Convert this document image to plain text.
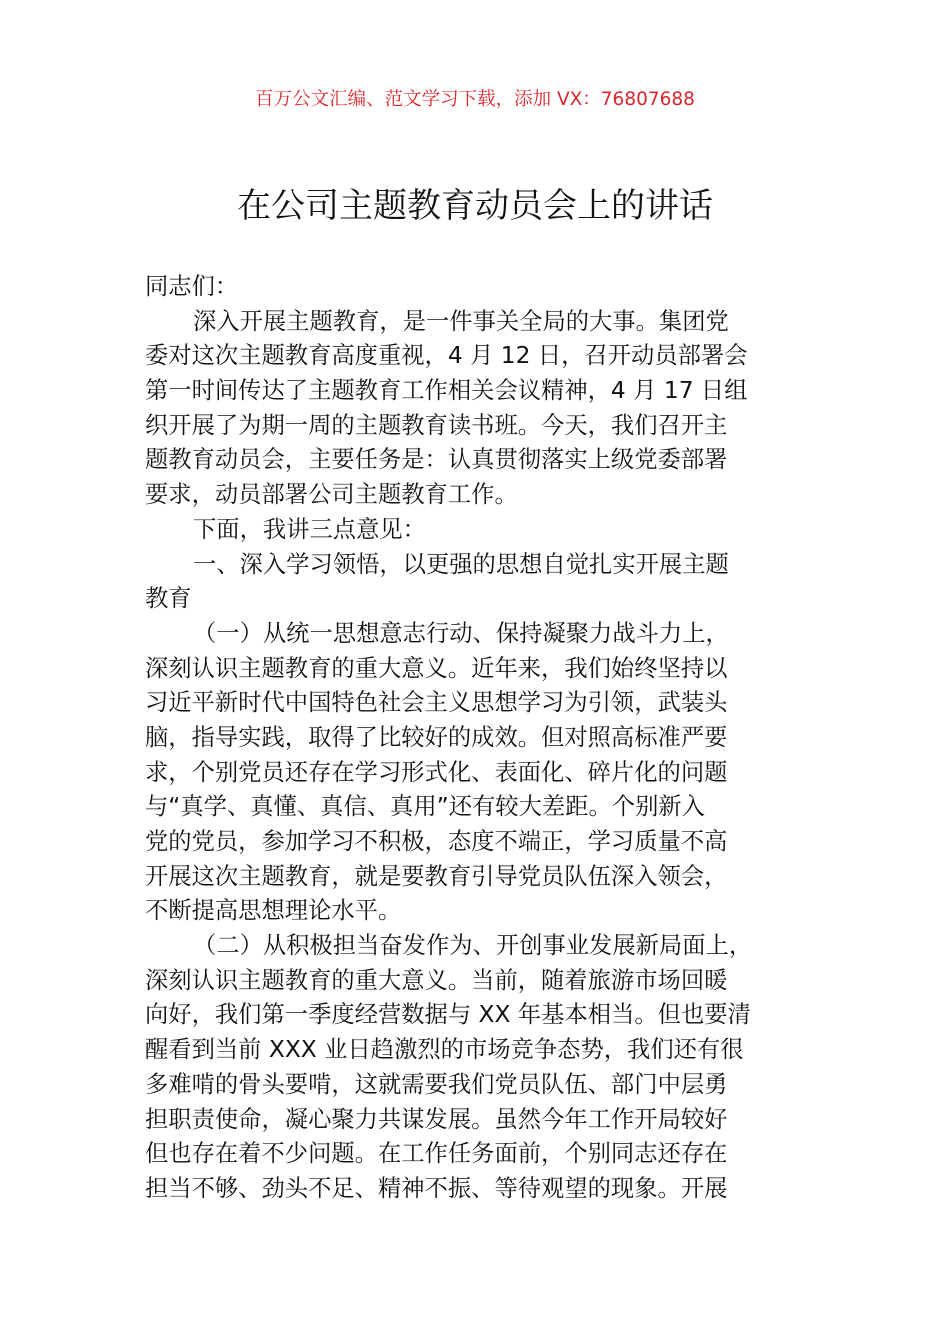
百万公文汇编、范文学习下载，添加 VX：76807688
在公司主题教育动员会上的讲话
同志们：
深入开展主题教育，是一件事关全局的大事。集团党
委对这次主题教育高度重视，4 月 12 日，召开动员部署会
第一时间传达了主题教育工作相关会议精神，4 月 17 日组
织开展了为期一周的主题教育读书班。今天，我们召开主
题教育动员会，主要任务是：认真贯彻落实上级党委部署
要求，动员部署公司主题教育工作。
下面，我讲三点意见：
一、深入学习领悟，以更强的思想自觉扎实开展主题
教育
（一）从统一思想意志行动、保持凝聚力战斗力上，
深刻认识主题教育的重大意义。近年来，我们始终坚持以
习近平新时代中国特色社会主义思想学习为引领，武装头
脑，指导实践，取得了比较好的成效。但对照高标准严要
求，个别党员还存在学习形式化、表面化、碎片化的问题
与“真学、真懂、真信、真用”还有较大差距。个别新入
党的党员，参加学习不积极，态度不端正，学习质量不高
开展这次主题教育，就是要教育引导党员队伍深入领会，
不断提高思想理论水平。
（二）从积极担当奋发作为、开创事业发展新局面上，
深刻认识主题教育的重大意义。当前，随着旅游市场回暖
向好，我们第一季度经营数据与 XX 年基本相当。但也要清
醒看到当前 XXX 业日趋激烈的市场竞争态势，我们还有很
多难啃的骨头要啃，这就需要我们党员队伍、部门中层勇
担职责使命，凝心聚力共谋发展。虽然今年工作开局较好
但也存在着不少问题。在工作任务面前，个别同志还存在
担当不够、劲头不足、精神不振、等待观望的现象。开展
